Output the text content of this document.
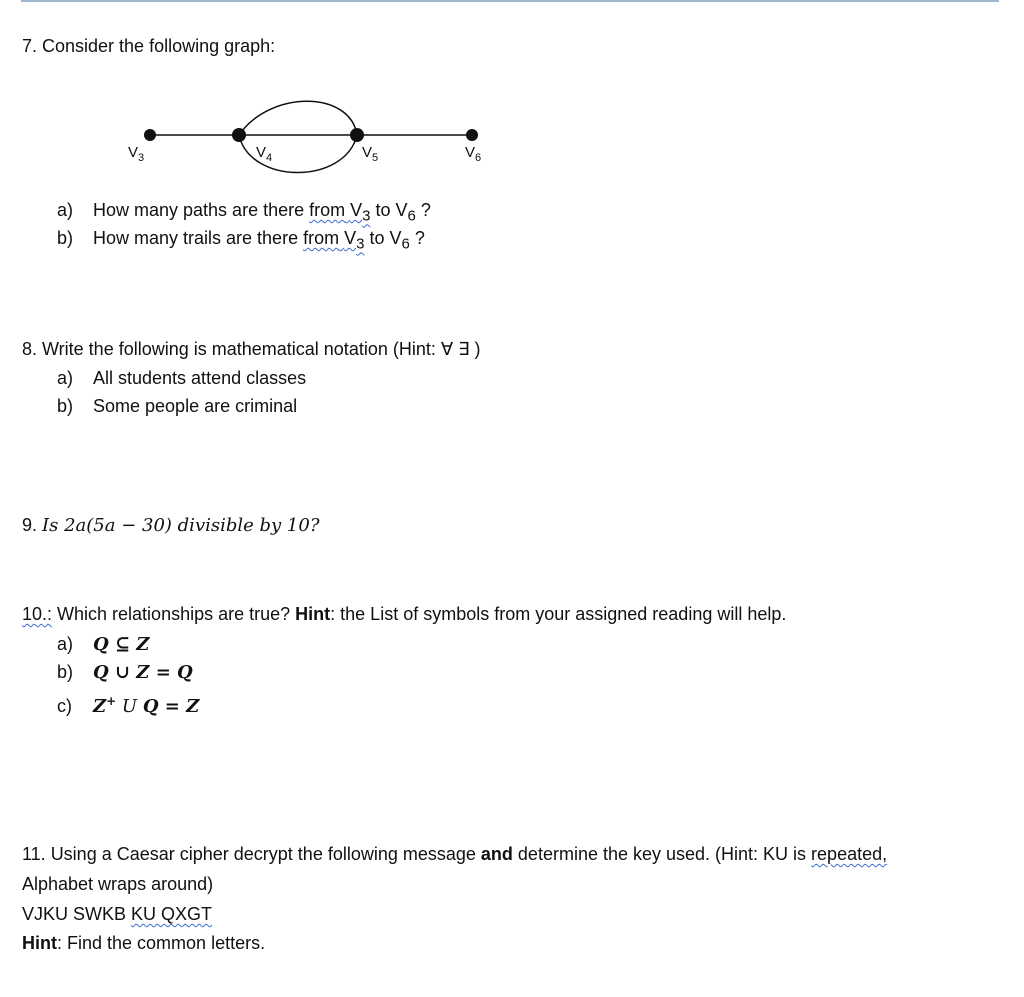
7. Consider the following graph:
$V_3$	$V_4$	$V_5$	$V_6$
a) How many paths are there from $V_3$ to $V_6$ ?
b) How many trails are there from $V_3$ to $V_6$ ?
8. Write the following is mathematical notation (Hint: ∀ ∃ )
a) All students attend classes
b) Some people are criminal
9. Is 2a(5a − 30) divisible by 10?
10.: Which relationships are true? Hint: the List of symbols from your assigned reading will help.
a) Q ⊆ Z
b) Q ∪ Z = Q
c) Z+ U Q = Z
11. Using a Caesar cipher decrypt the following message and determine the key used. (Hint: KU is repeated,
Alphabet wraps around)
VJKU SWKB KU QXGT
Hint: Find the common letters.
